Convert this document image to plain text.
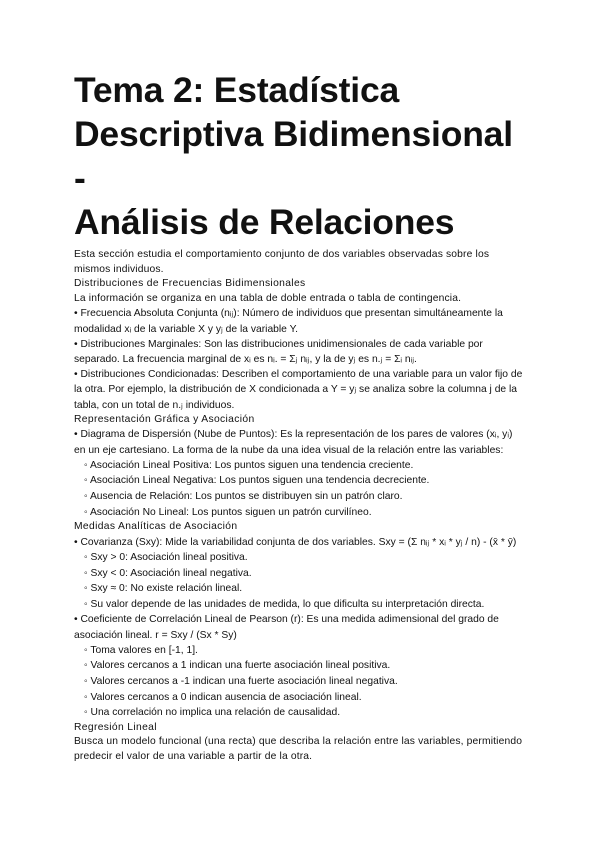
Tema 2: Estadística
Descriptiva Bidimensional -
Análisis de Relaciones

Esta sección estudia el comportamiento conjunto de dos variables observadas sobre los mismos individuos.

Distribuciones de Frecuencias Bidimensionales

La información se organiza en una tabla de doble entrada o tabla de contingencia.

• Frecuencia Absoluta Conjunta (nᵢⱼ): Número de individuos que presentan simultáneamente la modalidad xᵢ de la variable X y yⱼ de la variable Y.

• Distribuciones Marginales: Son las distribuciones unidimensionales de cada variable por separado. La frecuencia marginal de xᵢ es nᵢ. = Σⱼ nᵢⱼ, y la de yⱼ es n.ⱼ = Σᵢ nᵢⱼ.

• Distribuciones Condicionadas: Describen el comportamiento de una variable para un valor fijo de la otra. Por ejemplo, la distribución de X condicionada a Y = yⱼ se analiza sobre la columna j de la tabla, con un total de n.ⱼ individuos.

Representación Gráfica y Asociación

• Diagrama de Dispersión (Nube de Puntos): Es la representación de los pares de valores (xᵢ, yᵢ) en un eje cartesiano. La forma de la nube da una idea visual de la relación entre las variables:

◦ Asociación Lineal Positiva: Los puntos siguen una tendencia creciente.

◦ Asociación Lineal Negativa: Los puntos siguen una tendencia decreciente.

◦ Ausencia de Relación: Los puntos se distribuyen sin un patrón claro.

◦ Asociación No Lineal: Los puntos siguen un patrón curvilíneo.

Medidas Analíticas de Asociación

• Covarianza (Sxy): Mide la variabilidad conjunta de dos variables. Sxy = (Σ nᵢⱼ * xᵢ * yⱼ / n) - (x̄ * ȳ)

◦ Sxy > 0: Asociación lineal positiva.

◦ Sxy < 0: Asociación lineal negativa.

◦ Sxy ≈ 0: No existe relación lineal.

◦ Su valor depende de las unidades de medida, lo que dificulta su interpretación directa.

• Coeficiente de Correlación Lineal de Pearson (r): Es una medida adimensional del grado de asociación lineal. r = Sxy / (Sx * Sy)

◦ Toma valores en [-1, 1].

◦ Valores cercanos a 1 indican una fuerte asociación lineal positiva.

◦ Valores cercanos a -1 indican una fuerte asociación lineal negativa.

◦ Valores cercanos a 0 indican ausencia de asociación lineal.

◦ Una correlación no implica una relación de causalidad.

Regresión Lineal

Busca un modelo funcional (una recta) que describa la relación entre las variables, permitiendo predecir el valor de una variable a partir de la otra.
